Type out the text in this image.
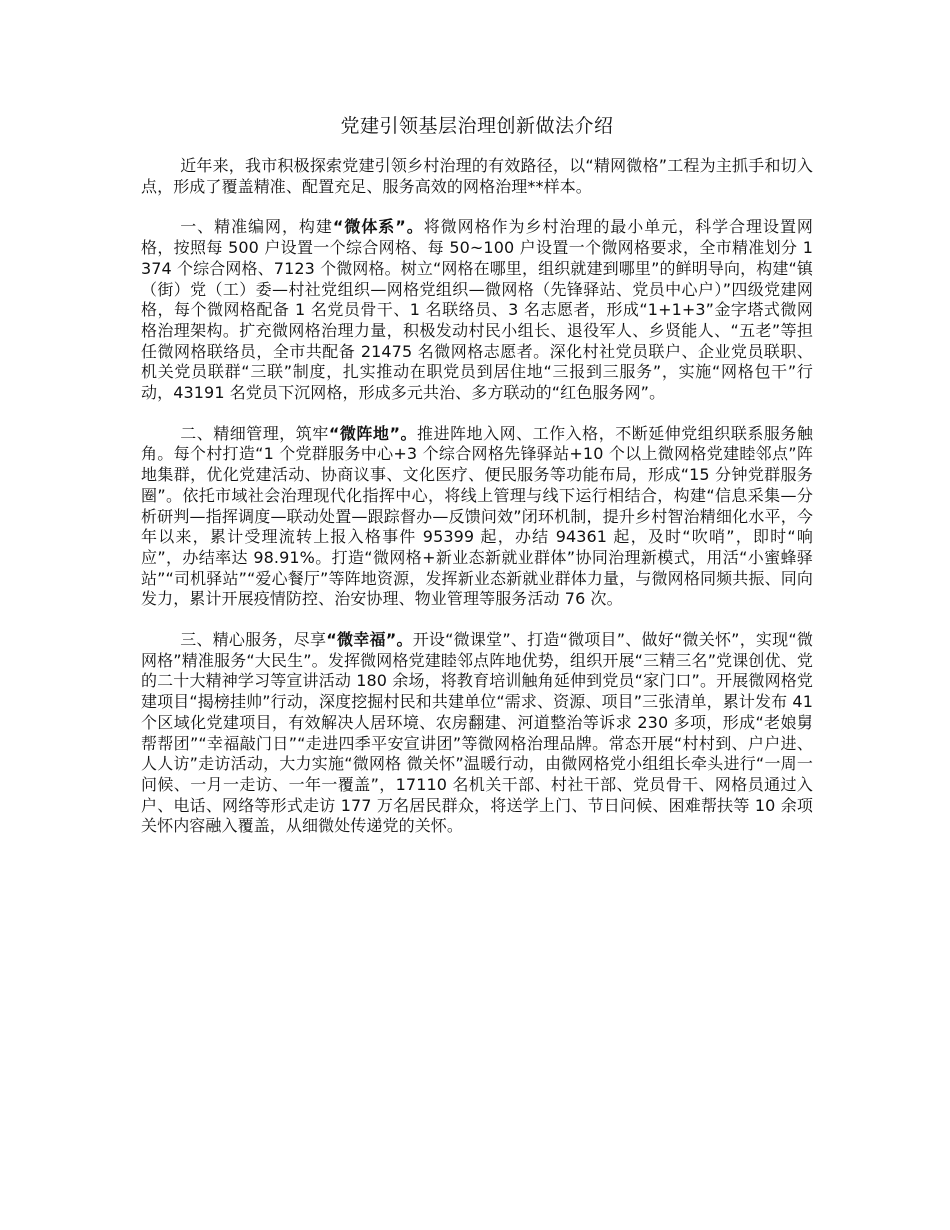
党建引领基层治理创新做法介绍

近年来，我市积极探索党建引领乡村治理的有效路径，以“精网微格”工程为主抓手和切入点，形成了覆盖精准、配置充足、服务高效的网格治理**样本。

一、精准编网，构建“微体系”。将微网格作为乡村治理的最小单元，科学合理设置网格，按照每 500 户设置一个综合网格、每 50~100 户设置一个微网格要求，全市精准划分 1374 个综合网格、7123 个微网格。树立“网格在哪里，组织就建到哪里”的鲜明导向，构建“镇（街）党（工）委—村社党组织—网格党组织—微网格（先锋驿站、党员中心户）”四级党建网格，每个微网格配备 1 名党员骨干、1 名联络员、3 名志愿者，形成“1+1+3”金字塔式微网格治理架构。扩充微网格治理力量，积极发动村民小组长、退役军人、乡贤能人、“五老”等担任微网格联络员，全市共配备 21475 名微网格志愿者。深化村社党员联户、企业党员联职、机关党员联群“三联”制度，扎实推动在职党员到居住地“三报到三服务”，实施“网格包干”行动，43191 名党员下沉网格，形成多元共治、多方联动的“红色服务网”。

二、精细管理，筑牢“微阵地”。推进阵地入网、工作入格，不断延伸党组织联系服务触角。每个村打造“1 个党群服务中心+3 个综合网格先锋驿站+10 个以上微网格党建睦邻点”阵地集群，优化党建活动、协商议事、文化医疗、便民服务等功能布局，形成“15 分钟党群服务圈”。依托市域社会治理现代化指挥中心，将线上管理与线下运行相结合，构建“信息采集—分析研判—指挥调度—联动处置—跟踪督办—反馈问效”闭环机制，提升乡村智治精细化水平，今年以来，累计受理流转上报入格事件 95399 起，办结 94361 起，及时“吹哨”，即时“响应”，办结率达 98.91%。打造“微网格+新业态新就业群体”协同治理新模式，用活“小蜜蜂驿站”“司机驿站”“爱心餐厅”等阵地资源，发挥新业态新就业群体力量，与微网格同频共振、同向发力，累计开展疫情防控、治安协理、物业管理等服务活动 76 次。

三、精心服务，尽享“微幸福”。开设“微课堂”、打造“微项目”、做好“微关怀”，实现“微网格”精准服务“大民生”。发挥微网格党建睦邻点阵地优势，组织开展“三精三名”党课创优、党的二十大精神学习等宣讲活动 180 余场，将教育培训触角延伸到党员“家门口”。开展微网格党建项目“揭榜挂帅”行动，深度挖掘村民和共建单位“需求、资源、项目”三张清单，累计发布 41 个区域化党建项目，有效解决人居环境、农房翻建、河道整治等诉求 230 多项，形成“老娘舅帮帮团”“幸福敲门日”“走进四季平安宣讲团”等微网格治理品牌。常态开展“村村到、户户进、人人访”走访活动，大力实施“微网格 微关怀”温暖行动，由微网格党小组组长牵头进行“一周一问候、一月一走访、一年一覆盖”，17110 名机关干部、村社干部、党员骨干、网格员通过入户、电话、网络等形式走访 177 万名居民群众，将送学上门、节日问候、困难帮扶等 10 余项关怀内容融入覆盖，从细微处传递党的关怀。
